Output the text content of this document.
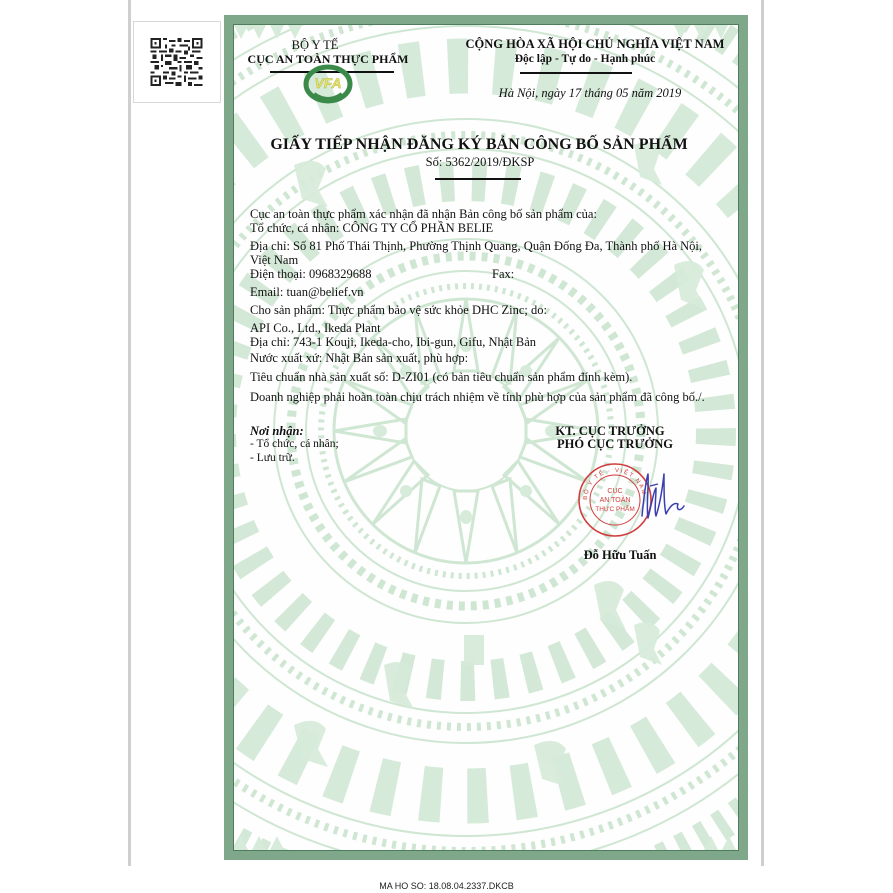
BỘ Y TẾ
CỤC AN TOÀN THỰC PHẨM
VFA
CỘNG HÒA XÃ HỘI CHỦ NGHĨA VIỆT NAM
Độc lập - Tự do - Hạnh phúc
Hà Nội, ngày 17 tháng 05 năm 2019
GIẤY TIẾP NHẬN ĐĂNG KÝ BẢN CÔNG BỐ SẢN PHẨM
Số: 5362/2019/ĐKSP
Cục an toàn thực phẩm xác nhận đã nhận Bản công bố sản phẩm của:
Tổ chức, cá nhân: CÔNG TY CỔ PHẦN BELIE
Địa chỉ: Số 81 Phố Thái Thịnh, Phường Thịnh Quang, Quận Đống Đa, Thành phố Hà Nội,
Việt Nam
Điện thoại: 0968329688	Fax:
Email: tuan@belief.vn
Cho sản phẩm: Thực phẩm bảo vệ sức khỏe DHC Zinc; do:
API Co., Ltd., Ikeda Plant
Địa chỉ: 743-1 Kouji, Ikeda-cho, Ibi-gun, Gifu, Nhật Bản
Nước xuất xứ: Nhật Bản sản xuất, phù hợp:
Tiêu chuẩn nhà sản xuất số: D-ZI01 (có bản tiêu chuẩn sản phẩm đính kèm).
Doanh nghiệp phải hoàn toàn chịu trách nhiệm về tính phù hợp của sản phẩm đã công bố./.
Nơi nhận:
- Tổ chức, cá nhân;
- Lưu trữ.
KT. CỤC TRƯỞNG
PHÓ CỤC TRƯỞNG
BỘ Y TẾ · VIỆT NAM
CỤC
AN TOÀN
THỰC PHẨM
Đỗ Hữu Tuấn
MA HO SO: 18.08.04.2337.DKCB
